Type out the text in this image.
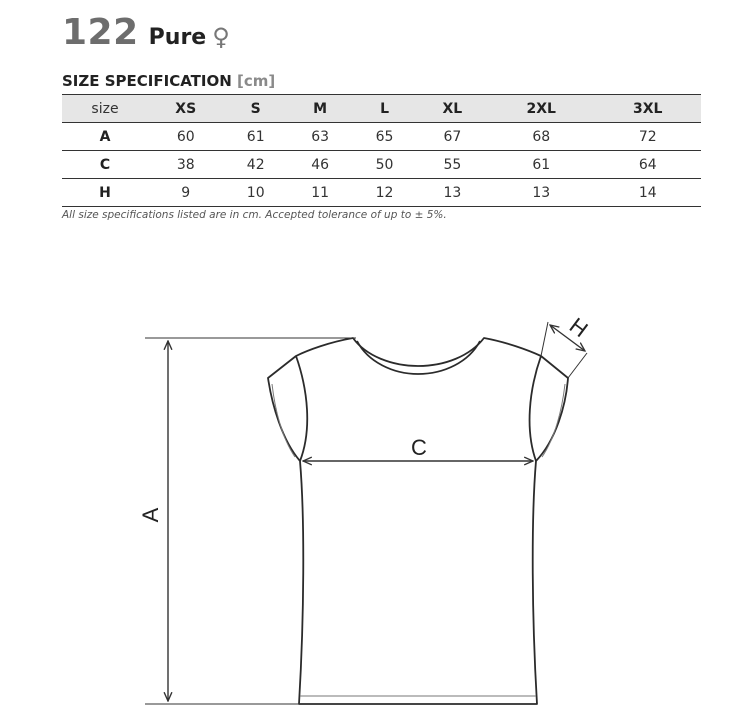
122 Pure ♀
SIZE SPECIFICATION [cm]
size	XS	S	M	L	XL	2XL	3XL
A	60	61	63	65	67	68	72
C	38	42	46	50	55	61	64
H	9	10	11	12	13	13	14
All size specifications listed are in cm. Accepted tolerance of up to ± 5%.
A
C
H
